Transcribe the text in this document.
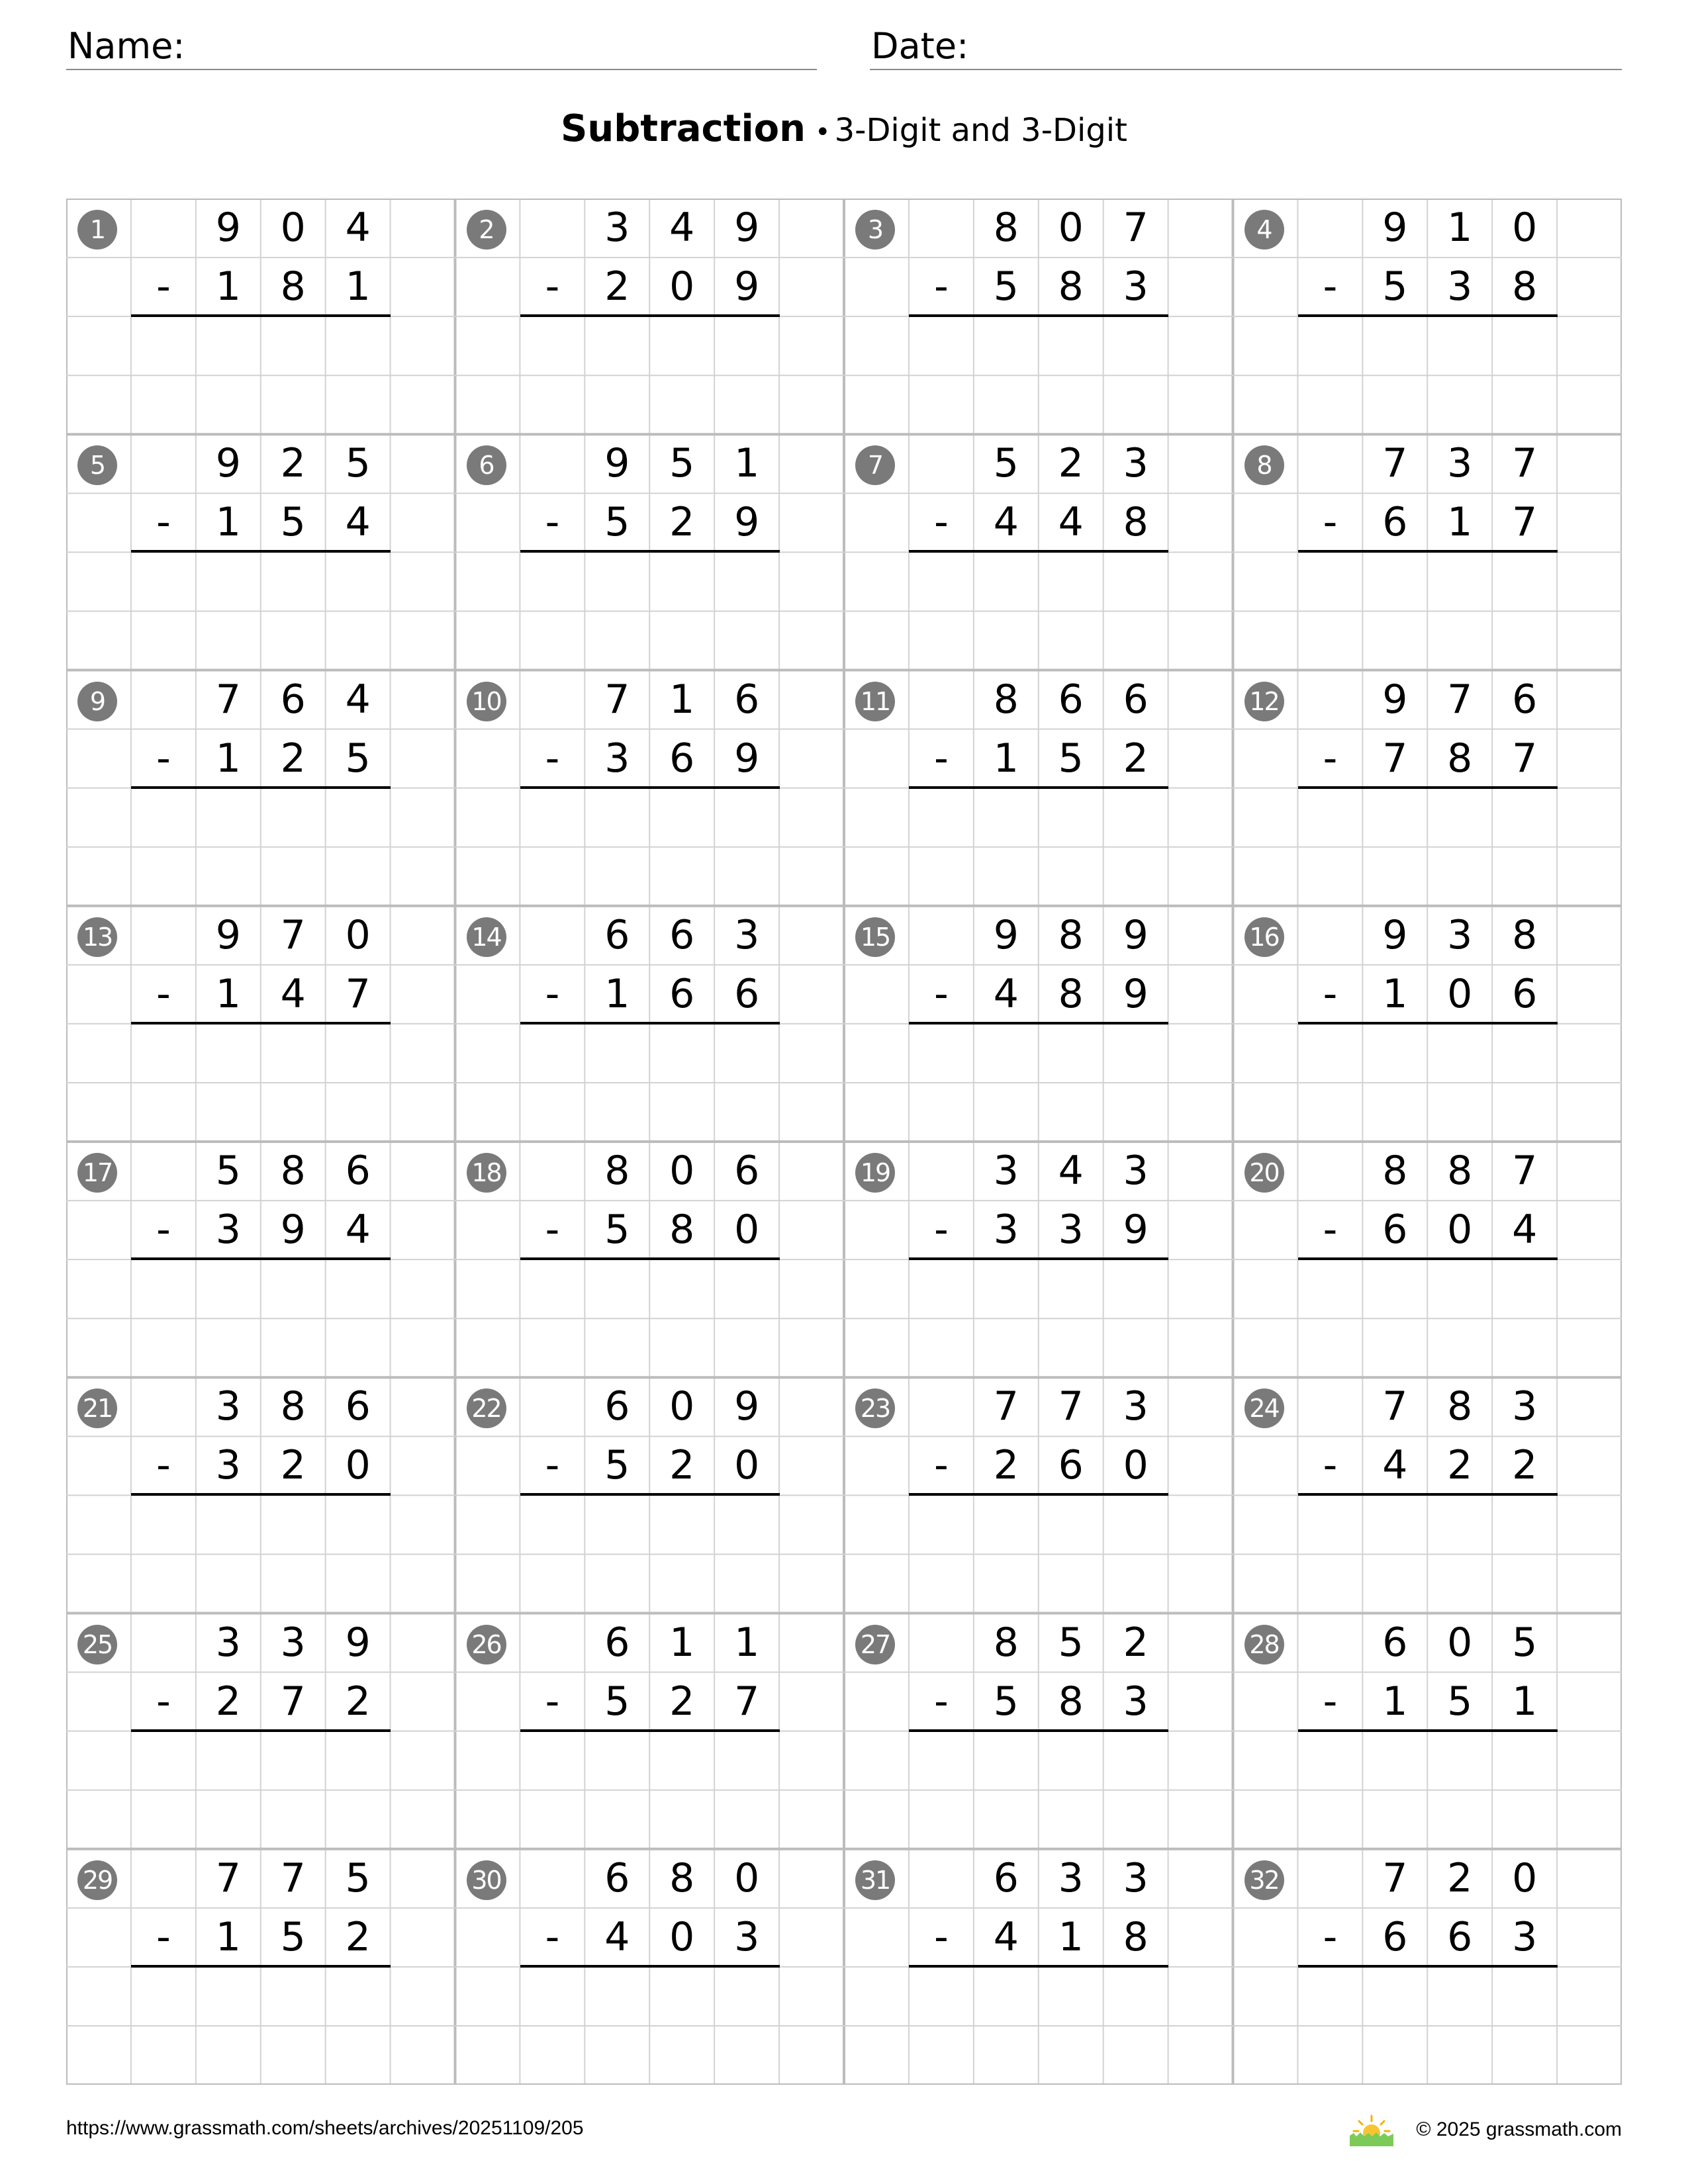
Name:	Date:
Subtraction • 3-Digit and 3-Digit
1	9 0 4
-	1 8 1
2	3 4 9
-	2 0 9
3	8 0 7
-	5 8 3
4	9 1 0
-	5 3 8
5	9 2 5
-	1 5 4
6	9 5 1
-	5 2 9
7	5 2 3
-	4 4 8
8	7 3 7
-	6 1 7
9	7 6 4
-	1 2 5
10	7 1 6
-	3 6 9
11	8 6 6
-	1 5 2
12	9 7 6
-	7 8 7
13	9 7 0
-	1 4 7
14	6 6 3
-	1 6 6
15	9 8 9
-	4 8 9
16	9 3 8
-	1 0 6
17	5 8 6
-	3 9 4
18	8 0 6
-	5 8 0
19	3 4 3
-	3 3 9
20	8 8 7
-	6 0 4
21	3 8 6
-	3 2 0
22	6 0 9
-	5 2 0
23	7 7 3
-	2 6 0
24	7 8 3
-	4 2 2
25	3 3 9
-	2 7 2
26	6 1 1
-	5 2 7
27	8 5 2
-	5 8 3
28	6 0 5
-	1 5 1
29	7 7 5
-	1 5 2
30	6 8 0
-	4 0 3
31	6 3 3
-	4 1 8
32	7 2 0
-	6 6 3
https://www.grassmath.com/sheets/archives/20251109/205	© 2025 grassmath.com
